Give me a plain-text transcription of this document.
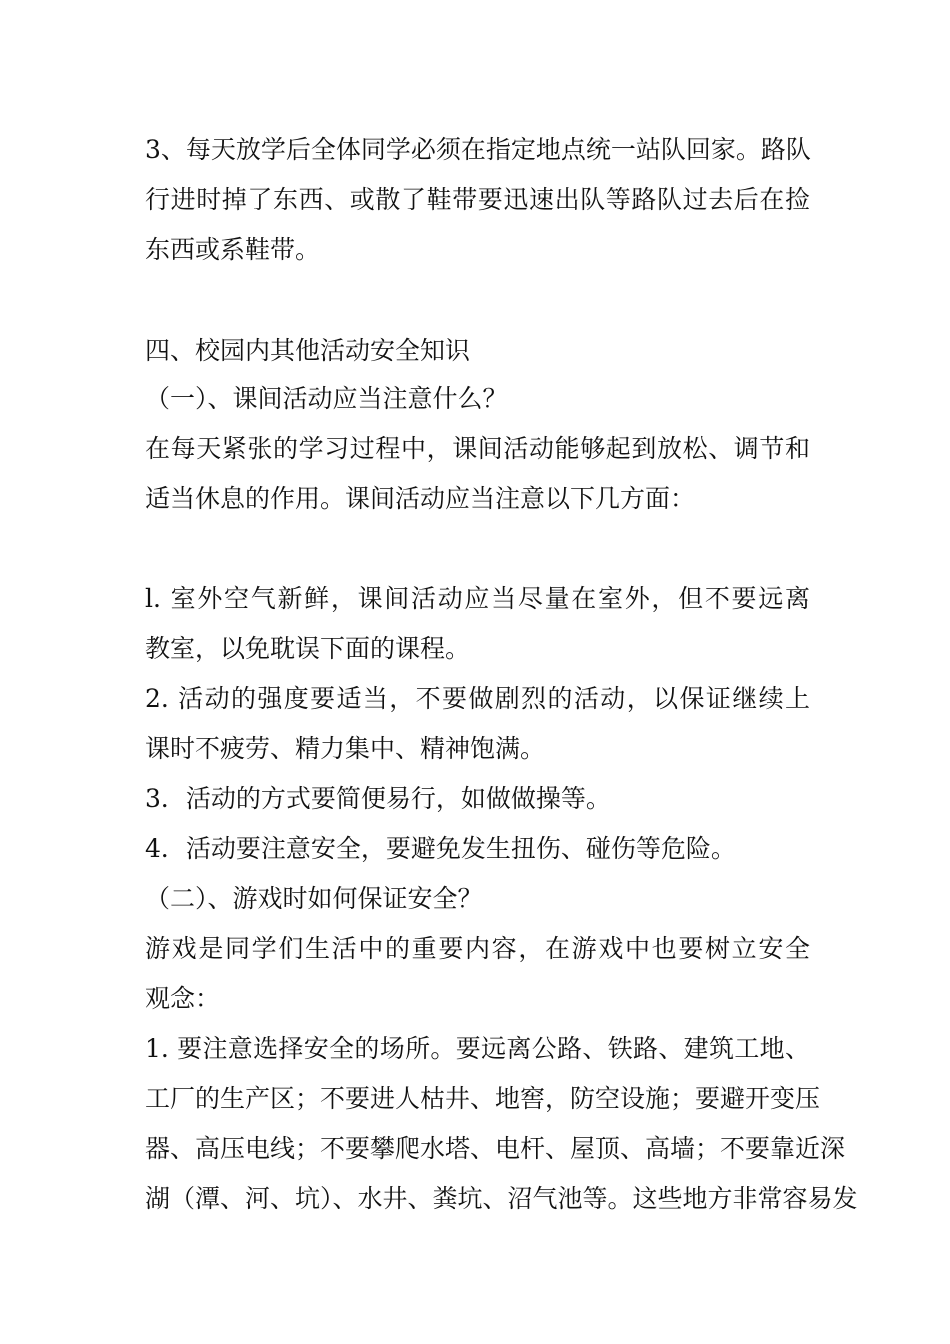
3、每天放学后全体同学必须在指定地点统一站队回家。路队
行进时掉了东西、或散了鞋带要迅速出队等路队过去后在捡
东西或系鞋带。
四、校园内其他活动安全知识
（一）、课间活动应当注意什么？
在每天紧张的学习过程中，课间活动能够起到放松、调节和
适当休息的作用。课间活动应当注意以下几方面：
l. 室外空气新鲜，课间活动应当尽量在室外，但不要远离
教室，以免耽误下面的课程。
2. 活动的强度要适当，不要做剧烈的活动，以保证继续上
课时不疲劳、精力集中、精神饱满。
3．活动的方式要简便易行，如做做操等。
4．活动要注意安全，要避免发生扭伤、碰伤等危险。
（二）、游戏时如何保证安全？
游戏是同学们生活中的重要内容，在游戏中也要树立安全
观念：
1. 要注意选择安全的场所。要远离公路、铁路、建筑工地、
工厂的生产区；不要进人枯井、地窖，防空设施；要避开变压
器、高压电线；不要攀爬水塔、电杆、屋顶、高墙；不要靠近深
湖（潭、河、坑）、水井、粪坑、沼气池等。这些地方非常容易发
